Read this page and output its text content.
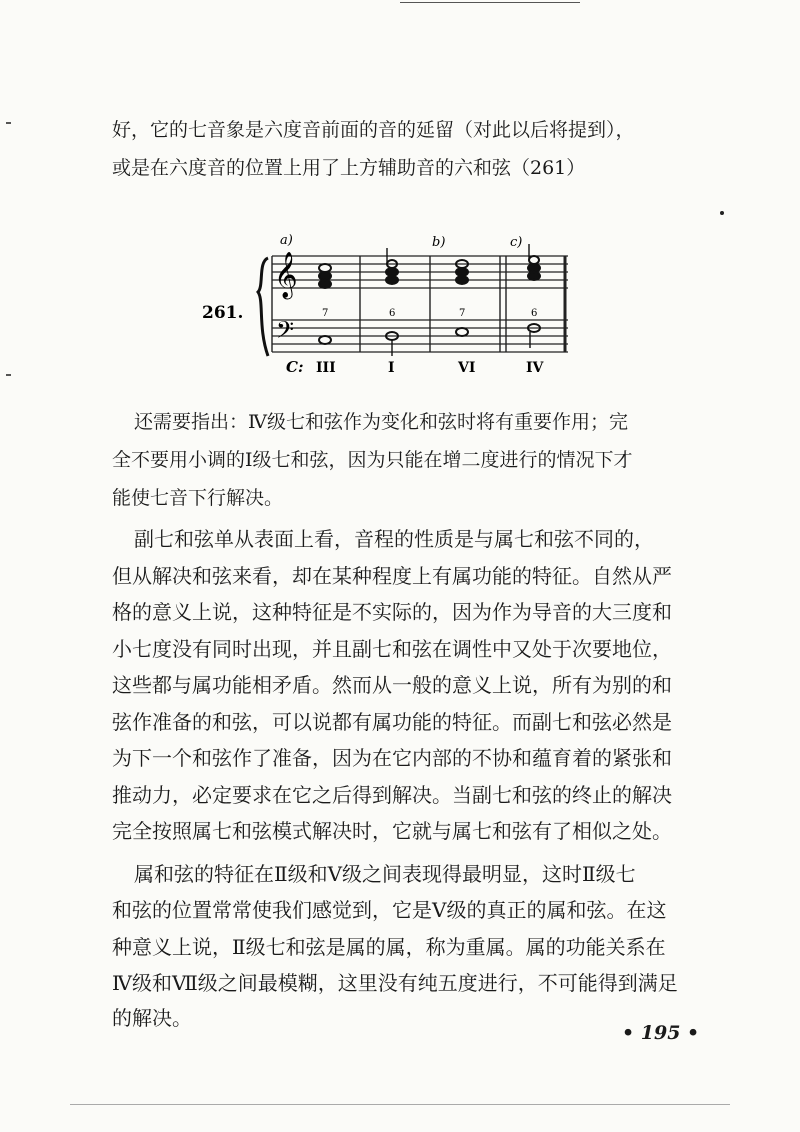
好，它的七音象是六度音前面的音的延留（对此以后将提到），
或是在六度音的位置上用了上方辅助音的六和弦（261）
261.
𝄞
𝄢
a)	b)	c)
7	6	7	6
C: III	I	VI	IV
还需要指出：Ⅳ级七和弦作为变化和弦时将有重要作用；完
全不要用小调的Ⅰ级七和弦，因为只能在增二度进行的情况下才
能使七音下行解决。
副七和弦单从表面上看，音程的性质是与属七和弦不同的，
但从解决和弦来看，却在某种程度上有属功能的特征。自然从严
格的意义上说，这种特征是不实际的，因为作为导音的大三度和
小七度没有同时出现，并且副七和弦在调性中又处于次要地位，
这些都与属功能相矛盾。然而从一般的意义上说，所有为别的和
弦作准备的和弦，可以说都有属功能的特征。而副七和弦必然是
为下一个和弦作了准备，因为在它内部的不协和蕴育着的紧张和
推动力，必定要求在它之后得到解决。当副七和弦的终止的解决
完全按照属七和弦模式解决时，它就与属七和弦有了相似之处。
属和弦的特征在Ⅱ级和Ⅴ级之间表现得最明显，这时Ⅱ级七
和弦的位置常常使我们感觉到，它是Ⅴ级的真正的属和弦。在这
种意义上说，Ⅱ级七和弦是属的属，称为重属。属的功能关系在
Ⅳ级和Ⅶ级之间最模糊，这里没有纯五度进行，不可能得到满足
的解决。
• 195 •
